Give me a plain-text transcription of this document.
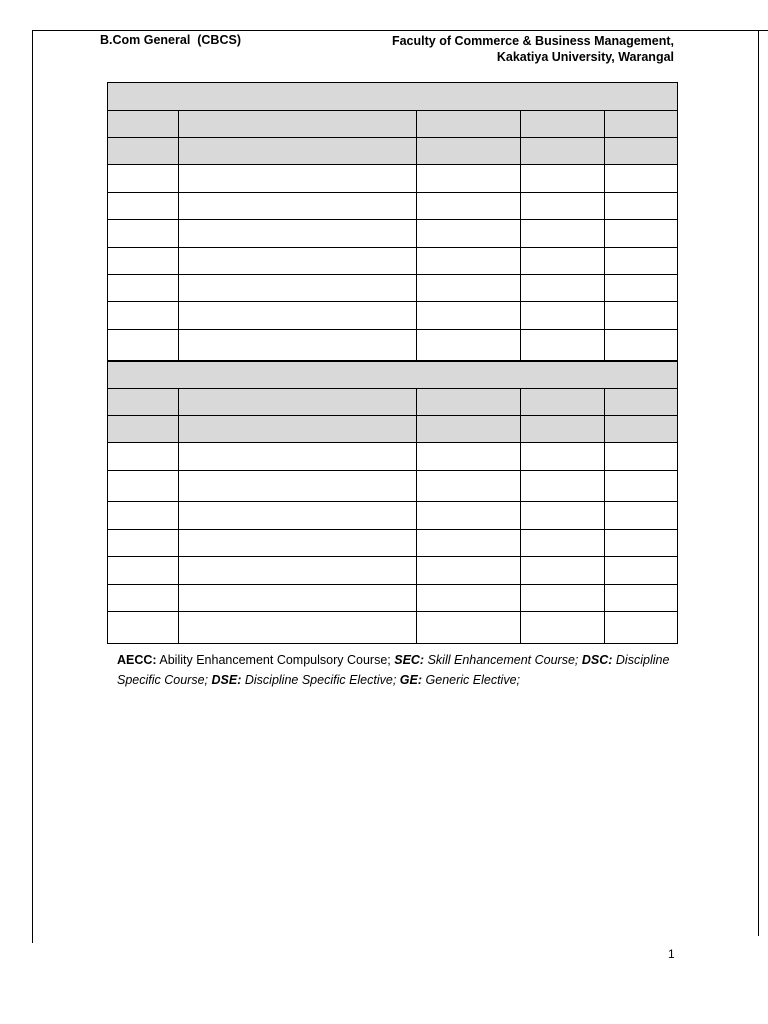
B.Com General  (CBCS)	Faculty of Commerce & Business Management,
Kakatiya University, Warangal

AECC: Ability Enhancement Compulsory Course; SEC: Skill Enhancement Course; DSC: Discipline Specific Course; DSE: Discipline Specific Elective; GE: Generic Elective;
1
